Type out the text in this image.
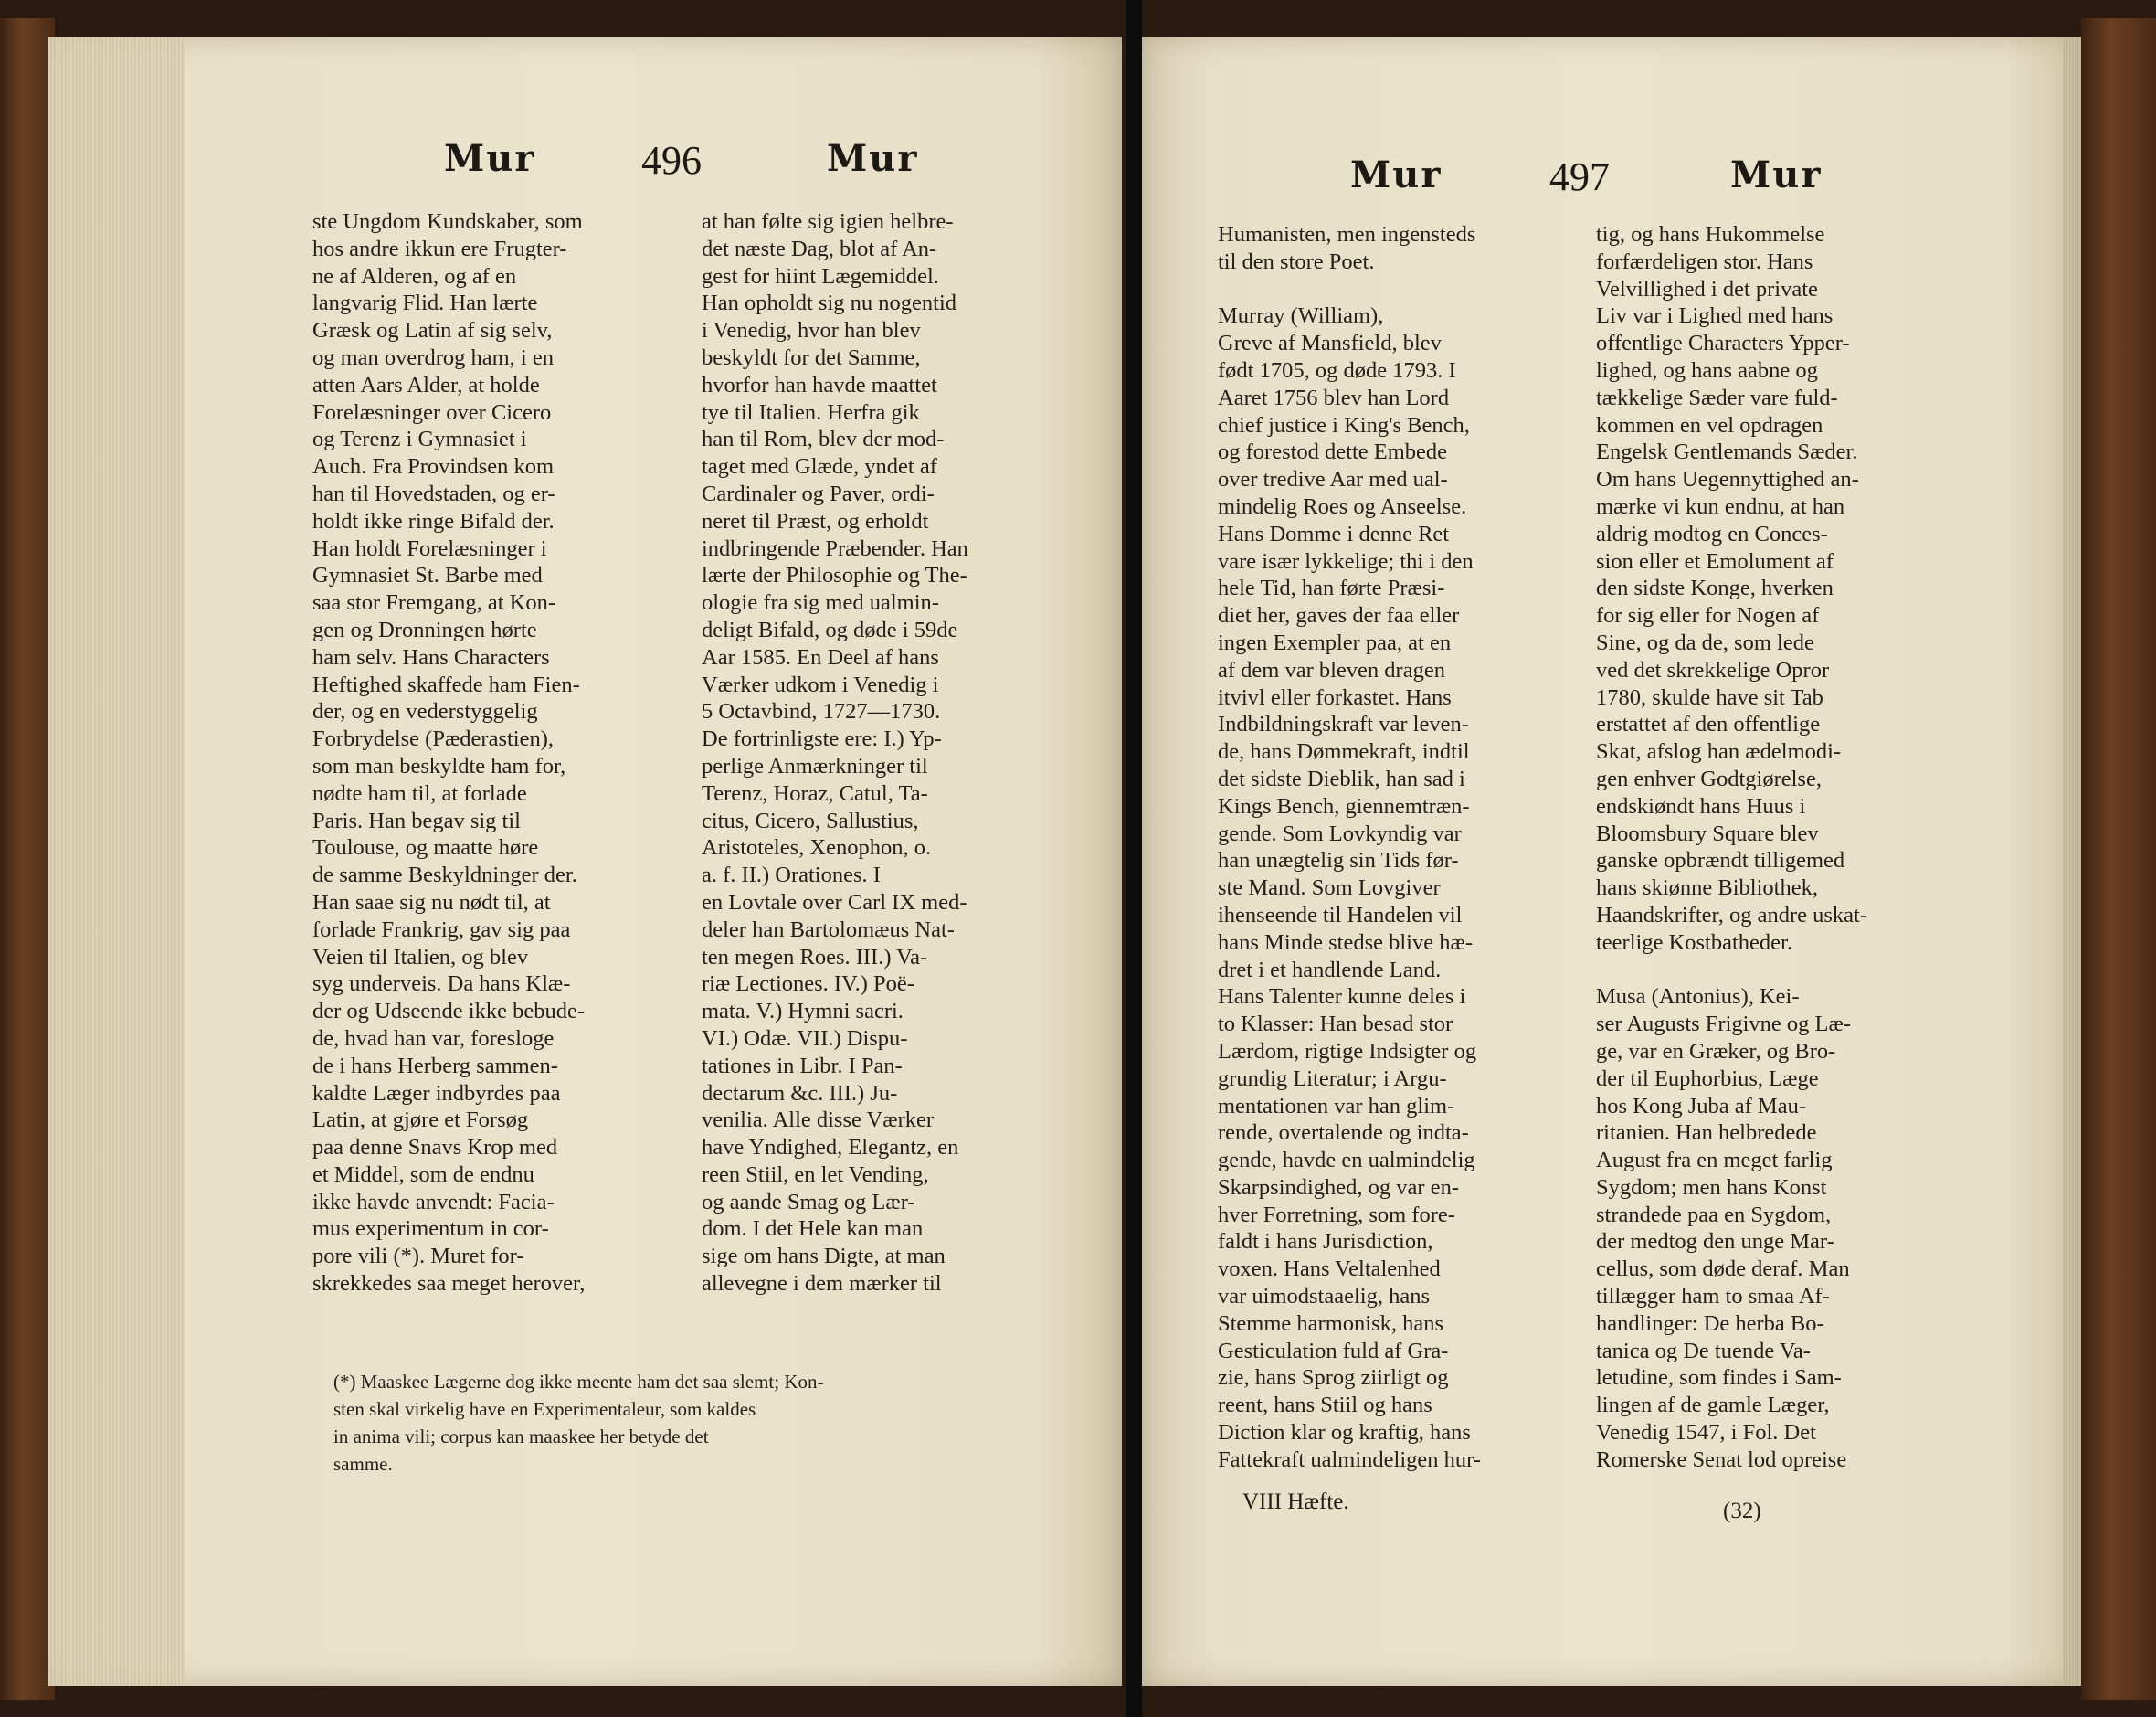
Mur	496	Mur
ste Ungdom Kundskaber, som
hos andre ikkun ere Frugter-
ne af Alderen, og af en
langvarig Flid. Han lærte
Græsk og Latin af sig selv,
og man overdrog ham, i en
atten Aars Alder, at holde
Forelæsninger over Cicero
og Terenz i Gymnasiet i
Auch. Fra Provindsen kom
han til Hovedstaden, og er-
holdt ikke ringe Bifald der.
Han holdt Forelæsninger i
Gymnasiet St. Barbe med
saa stor Fremgang, at Kon-
gen og Dronningen hørte
ham selv. Hans Characters
Heftighed skaffede ham Fien-
der, og en vederstyggelig
Forbrydelse (Pæderastien),
som man beskyldte ham for,
nødte ham til, at forlade
Paris. Han begav sig til
Toulouse, og maatte høre
de samme Beskyldninger der.
Han saae sig nu nødt til, at
forlade Frankrig, gav sig paa
Veien til Italien, og blev
syg underveis. Da hans Klæ-
der og Udseende ikke bebude-
de, hvad han var, foresloge
de i hans Herberg sammen-
kaldte Læger indbyrdes paa
Latin, at gjøre et Forsøg
paa denne Snavs Krop med
et Middel, som de endnu
ikke havde anvendt: Facia-
mus experimentum in cor-
pore vili (*). Muret for-
skrekkedes saa meget herover,
at han følte sig igien helbre-
det næste Dag, blot af An-
gest for hiint Lægemiddel.
Han opholdt sig nu nogentid
i Venedig, hvor han blev
beskyldt for det Samme,
hvorfor han havde maattet
tye til Italien. Herfra gik
han til Rom, blev der mod-
taget med Glæde, yndet af
Cardinaler og Paver, ordi-
neret til Præst, og erholdt
indbringende Præbender. Han
lærte der Philosophie og The-
ologie fra sig med ualmin-
deligt Bifald, og døde i 59de
Aar 1585. En Deel af hans
Værker udkom i Venedig i
5 Octavbind, 1727—1730.
De fortrinligste ere: I.) Yp-
perlige Anmærkninger til
Terenz, Horaz, Catul, Ta-
citus, Cicero, Sallustius,
Aristoteles, Xenophon, o.
a. f. II.) Orationes. I
en Lovtale over Carl IX med-
deler han Bartolomæus Nat-
ten megen Roes. III.) Va-
riæ Lectiones. IV.) Poë-
mata. V.) Hymni sacri.
VI.) Odæ. VII.) Dispu-
tationes in Libr. I Pan-
dectarum &c. III.) Ju-
venilia. Alle disse Værker
have Yndighed, Elegantz, en
reen Stiil, en let Vending,
og aande Smag og Lær-
dom. I det Hele kan man
sige om hans Digte, at man
allevegne i dem mærker til
(*) Maaskee Lægerne dog ikke meente ham det saa slemt; Kon-
sten skal virkelig have en Experimentaleur, som kaldes
in anima vili; corpus kan maaskee her betyde det
samme.
Mur	497	Mur
Humanisten, men ingensteds
til den store Poet.

Murray (William),
Greve af Mansfield, blev
født 1705, og døde 1793. I
Aaret 1756 blev han Lord
chief justice i King's Bench,
og forestod dette Embede
over tredive Aar med ual-
mindelig Roes og Anseelse.
Hans Domme i denne Ret
vare især lykkelige; thi i den
hele Tid, han førte Præsi-
diet her, gaves der faa eller
ingen Exempler paa, at en
af dem var bleven dragen
itvivl eller forkastet. Hans
Indbildningskraft var leven-
de, hans Dømmekraft, indtil
det sidste Dieblik, han sad i
Kings Bench, giennemtræn-
gende. Som Lovkyndig var
han unægtelig sin Tids før-
ste Mand. Som Lovgiver
ihenseende til Handelen vil
hans Minde stedse blive hæ-
dret i et handlende Land.
Hans Talenter kunne deles i
to Klasser: Han besad stor
Lærdom, rigtige Indsigter og
grundig Literatur; i Argu-
mentationen var han glim-
rende, overtalende og indta-
gende, havde en ualmindelig
Skarpsindighed, og var en-
hver Forretning, som fore-
faldt i hans Jurisdiction,
voxen. Hans Veltalenhed
var uimodstaaelig, hans
Stemme harmonisk, hans
Gesticulation fuld af Gra-
zie, hans Sprog ziirligt og
reent, hans Stiil og hans
Diction klar og kraftig, hans
Fattekraft ualmindeligen hur-
tig, og hans Hukommelse
forfærdeligen stor. Hans
Velvillighed i det private
Liv var i Lighed med hans
offentlige Characters Ypper-
lighed, og hans aabne og
tækkelige Sæder vare fuld-
kommen en vel opdragen
Engelsk Gentlemands Sæder.
Om hans Uegennyttighed an-
mærke vi kun endnu, at han
aldrig modtog en Conces-
sion eller et Emolument af
den sidste Konge, hverken
for sig eller for Nogen af
Sine, og da de, som lede
ved det skrekkelige Opror
1780, skulde have sit Tab
erstattet af den offentlige
Skat, afslog han ædelmodi-
gen enhver Godtgiørelse,
endskiøndt hans Huus i
Bloomsbury Square blev
ganske opbrændt tilligemed
hans skiønne Bibliothek,
Haandskrifter, og andre uskat-
teerlige Kostbatheder.

Musa (Antonius), Kei-
ser Augusts Frigivne og Læ-
ge, var en Græker, og Bro-
der til Euphorbius, Læge
hos Kong Juba af Mau-
ritanien. Han helbredede
August fra en meget farlig
Sygdom; men hans Konst
strandede paa en Sygdom,
der medtog den unge Mar-
cellus, som døde deraf. Man
tillægger ham to smaa Af-
handlinger: De herba Bo-
tanica og De tuende Va-
letudine, som findes i Sam-
lingen af de gamle Læger,
Venedig 1547, i Fol. Det
Romerske Senat lod opreise
VIII Hæfte.	(32)
